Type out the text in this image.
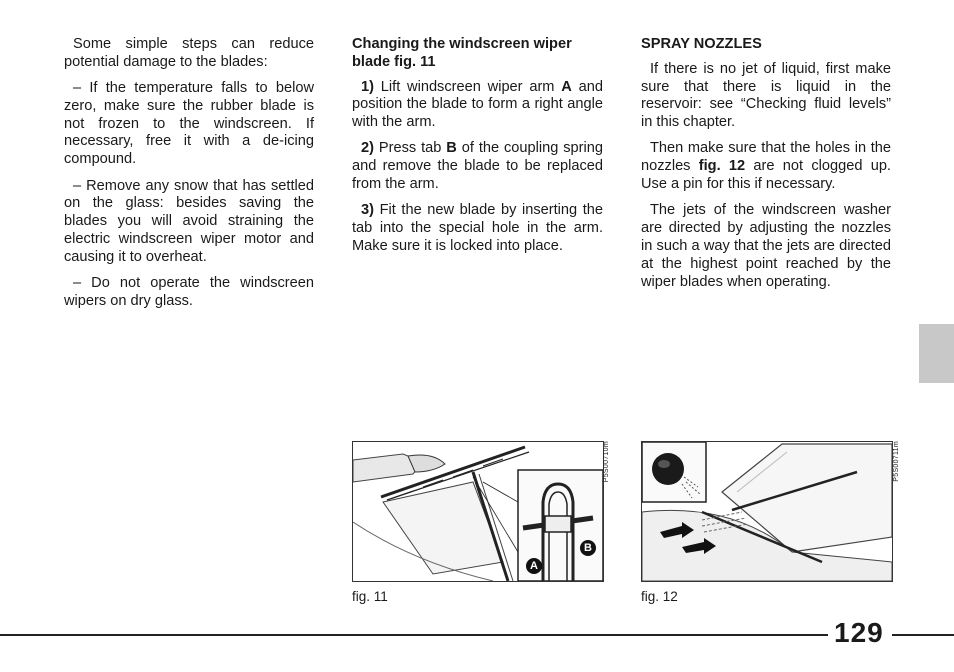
Some simple steps can reduce potential damage to the blades:

– If the temperature falls to below zero, make sure the rubber blade is not frozen to the windscreen. If necessary, free it with a de-icing compound.

– Remove any snow that has settled on the glass: besides saving the blades you will avoid straining the electric windscreen wiper motor and causing it to overheat.

– Do not operate the windscreen wipers on dry glass.

Changing the windscreen wiper blade fig. 11

1) Lift windscreen wiper arm A and position the blade to form a right angle with the arm.

2) Press tab B of the coupling spring and remove the blade to be replaced from the arm.

3) Fit the new blade by inserting the tab into the special hole in the arm. Make sure it is locked into place.

SPRAY NOZZLES

If there is no jet of liquid, first make sure that there is liquid in the reservoir: see “Checking fluid levels” in this chapter.

Then make sure that the holes in the nozzles fig. 12 are not clogged up. Use a pin for this if necessary.

The jets of the windscreen washer are directed by adjusting the nozzles in such a way that the jets are directed at the highest point reached by the wiper blades when operating.

A
B
P5S00710m
fig. 11
P5S00711m
fig. 12
129
